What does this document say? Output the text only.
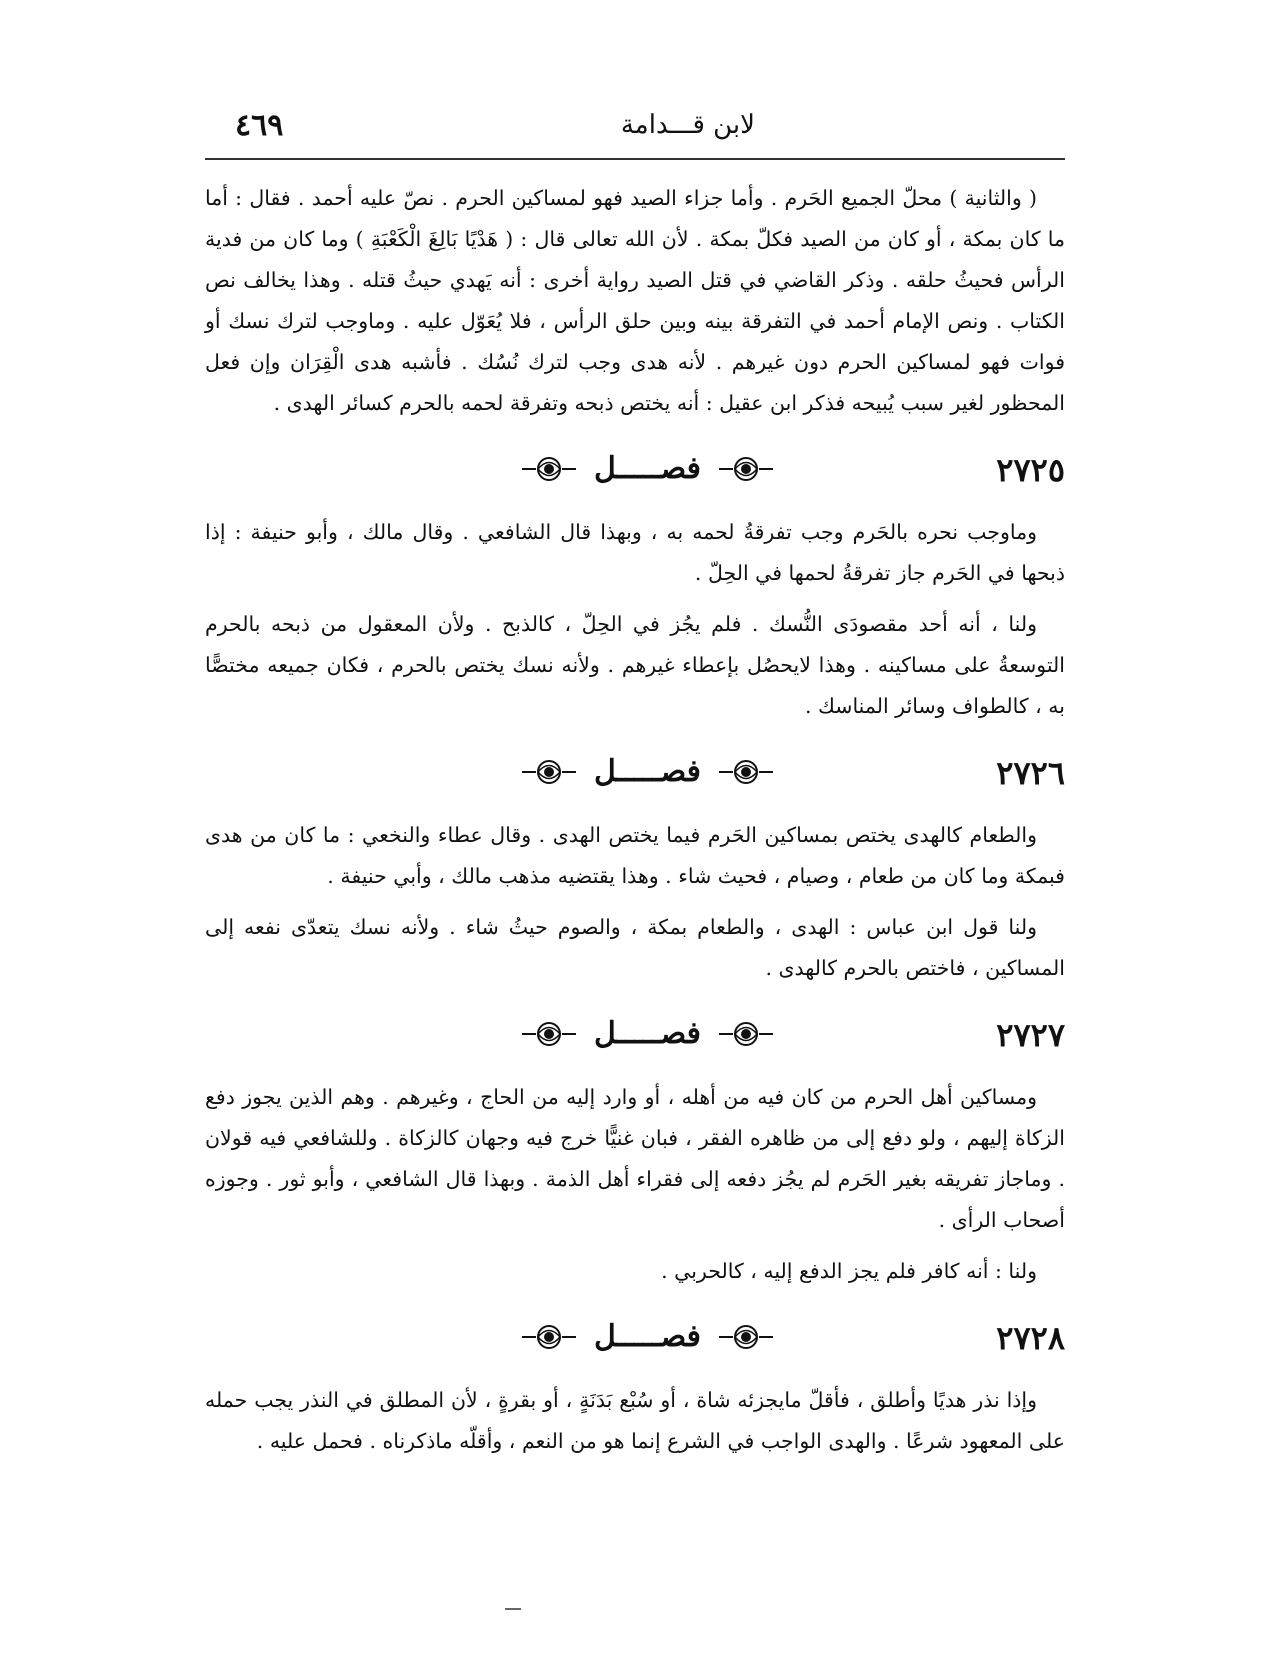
لابن قـــدامة
٤٦٩

( والثانية ) محلّ الجميع الحَرم . وأما جزاء الصيد فهو لمساكين الحرم . نصّ عليه أحمد . فقال : أما ما كان بمكة ، أو كان من الصيد فكلّ بمكة . لأن الله تعالى قال : ( هَدْيًا بَالِغَ الْكَعْبَةِ ) وما كان من فدية الرأس فحيثُ حلقه . وذكر القاضي في قتل الصيد رواية أخرى : أنه يَهدي حيثُ قتله . وهذا يخالف نص الكتاب . ونص الإمام أحمد في التفرقة بينه وبين حلق الرأس ، فلا يُعَوّل عليه . وماوجب لترك نسك أو فوات فهو لمساكين الحرم دون غيرهم . لأنه هدى وجب لترك نُسُك . فأشبه هدى الْقِرَان وإن فعل المحظور لغير سبب يُبيحه فذكر ابن عقيل : أنه يختص ذبحه وتفرقة لحمه بالحرم كسائر الهدى .

٢٧٢٥
فصـــــل

وماوجب نحره بالحَرم وجب تفرقةُ لحمه به ، وبهذا قال الشافعي . وقال مالك ، وأبو حنيفة : إذا ذبحها في الحَرم جاز تفرقةُ لحمها في الحِلّ .

ولنا ، أنه أحد مقصودَى النُّسك . فلم يجُز في الحِلّ ، كالذبح . ولأن المعقول من ذبحه بالحرم التوسعةُ على مساكينه . وهذا لايحصُل بإعطاء غيرهم . ولأنه نسك يختص بالحرم ، فكان جميعه مختصًّا به ، كالطواف وسائر المناسك .

٢٧٢٦
فصـــــل

والطعام كالهدى يختص بمساكين الحَرم فيما يختص الهدى . وقال عطاء والنخعي : ما كان من هدى فبمكة وما كان من طعام ، وصيام ، فحيث شاء . وهذا يقتضيه مذهب مالك ، وأبي حنيفة .

ولنا قول ابن عباس : الهدى ، والطعام بمكة ، والصوم حيثُ شاء . ولأنه نسك يتعدّى نفعه إلى المساكين ، فاختص بالحرم كالهدى .

٢٧٢٧
فصـــــل

ومساكين أهل الحرم من كان فيه من أهله ، أو وارد إليه من الحاج ، وغيرهم . وهم الذين يجوز دفع الزكاة إليهم ، ولو دفع إلى من ظاهره الفقر ، فبان غنيًّا خرج فيه وجهان كالزكاة . وللشافعي فيه قولان . وماجاز تفريقه بغير الحَرم لم يجُز دفعه إلى فقراء أهل الذمة . وبهذا قال الشافعي ، وأبو ثور . وجوزه أصحاب الرأى .

ولنا : أنه كافر فلم يجز الدفع إليه ، كالحربي .

٢٧٢٨
فصـــــل

وإذا نذر هديًا وأطلق ، فأقلّ مايجزئه شاة ، أو سُبْع بَدَنَةٍ ، أو بقرةٍ ، لأن المطلق في النذر يجب حمله على المعهود شرعًا . والهدى الواجب في الشرع إنما هو من النعم ، وأقلّه ماذكرناه . فحمل عليه .
